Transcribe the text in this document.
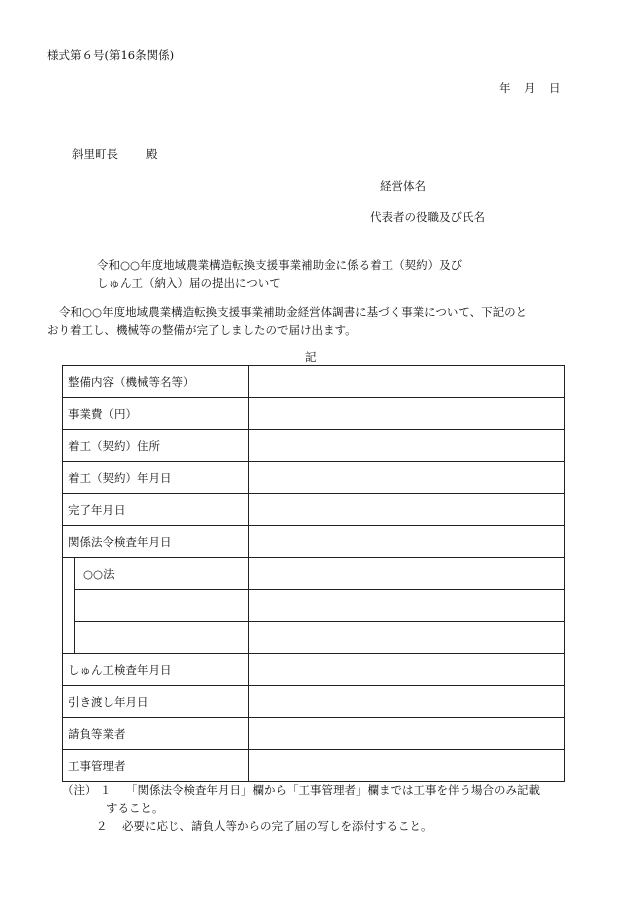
様式第６号(第16条関係)
年 月 日
斜里町長 殿
経営体名
代表者の役職及び氏名
令和○○年度地域農業構造転換支援事業補助金に係る着工（契約）及び
しゅん工（納入）届の提出について
令和○○年度地域農業構造転換支援事業補助金経営体調書に基づく事業について、下記のと
おり着工し、機械等の整備が完了しましたので届け出ます。
記
整備内容（機械等名等）		
事業費（円）		
着工（契約）住所		
着工（契約）年月日		
完了年月日		
関係法令検査年月日		
	○○法	

しゅん工検査年月日		
引き渡し年月日		
請負等業者		
工事管理者		
（注） １ 「関係法令検査年月日」欄から「工事管理者」欄までは工事を伴う場合のみ記載
すること。
２ 必要に応じ、請負人等からの完了届の写しを添付すること。
